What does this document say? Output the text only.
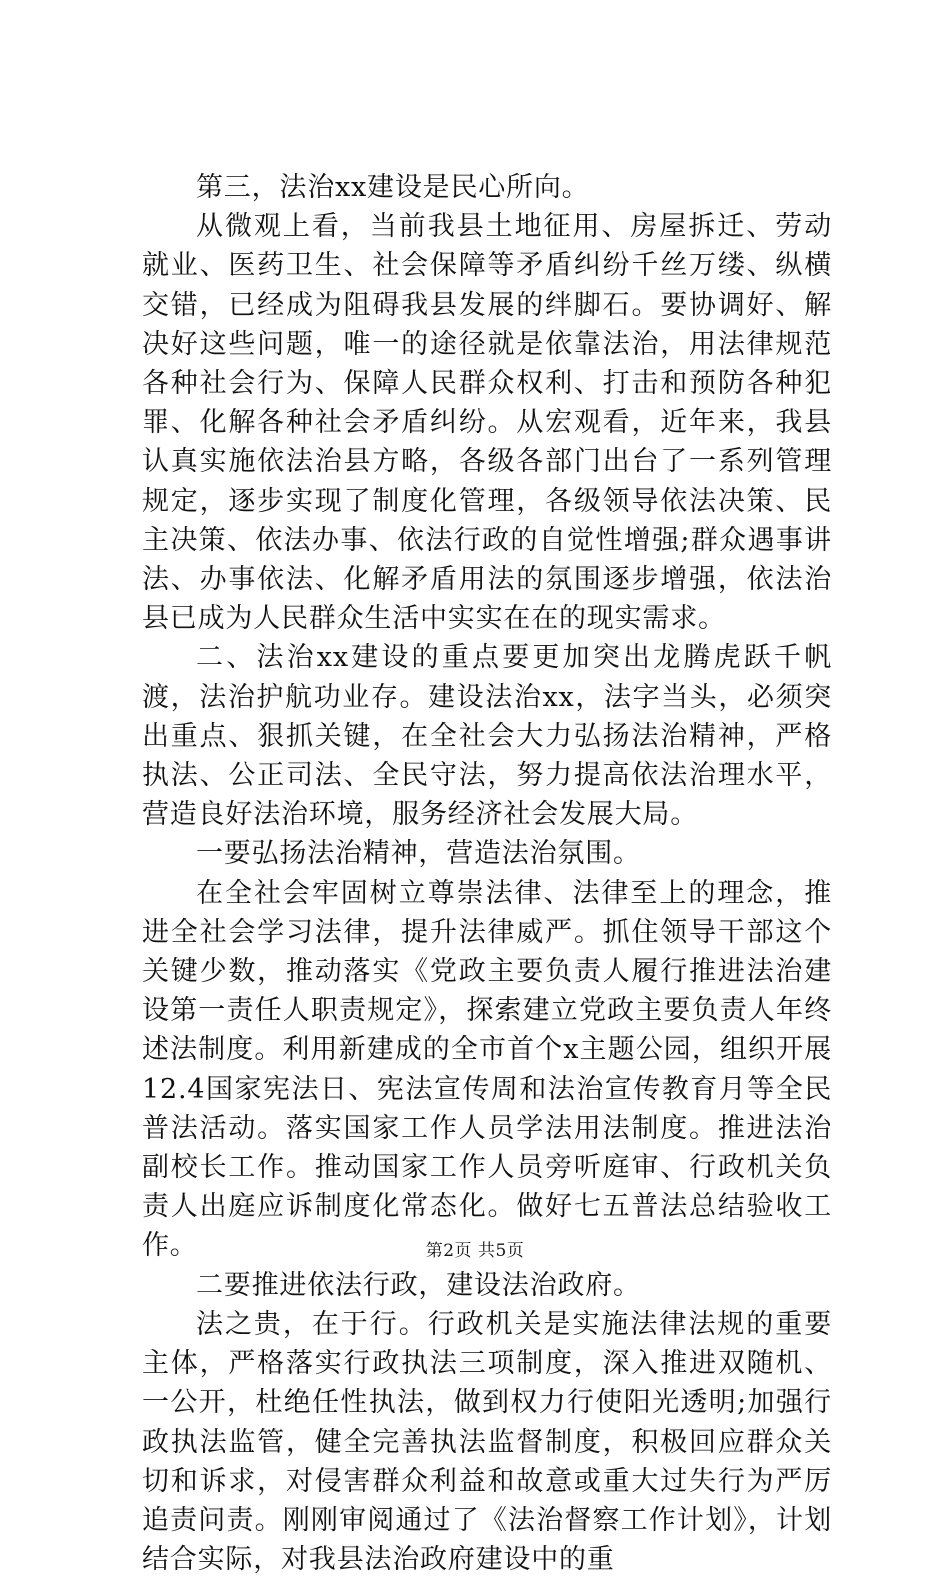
第三，法治xx建设是民心所向。

从微观上看，当前我县土地征用、房屋拆迁、劳动就业、医药卫生、社会保障等矛盾纠纷千丝万缕、纵横交错，已经成为阻碍我县发展的绊脚石。要协调好、解决好这些问题，唯一的途径就是依靠法治，用法律规范各种社会行为、保障人民群众权利、打击和预防各种犯罪、化解各种社会矛盾纠纷。从宏观看，近年来，我县认真实施依法治县方略，各级各部门出台了一系列管理规定，逐步实现了制度化管理，各级领导依法决策、民主决策、依法办事、依法行政的自觉性增强;群众遇事讲法、办事依法、化解矛盾用法的氛围逐步增强，依法治县已成为人民群众生活中实实在在的现实需求。

二、法治xx建设的重点要更加突出龙腾虎跃千帆渡，法治护航功业存。建设法治xx，法字当头，必须突出重点、狠抓关键，在全社会大力弘扬法治精神，严格执法、公正司法、全民守法，努力提高依法治理水平，营造良好法治环境，服务经济社会发展大局。

一要弘扬法治精神，营造法治氛围。

在全社会牢固树立尊崇法律、法律至上的理念，推进全社会学习法律，提升法律威严。抓住领导干部这个关键少数，推动落实《党政主要负责人履行推进法治建设第一责任人职责规定》，探索建立党政主要负责人年终述法制度。利用新建成的全市首个x主题公园，组织开展12.4国家宪法日、宪法宣传周和法治宣传教育月等全民普法活动。落实国家工作人员学法用法制度。推进法治副校长工作。推动国家工作人员旁听庭审、行政机关负责人出庭应诉制度化常态化。做好七五普法总结验收工作。

二要推进依法行政，建设法治政府。

法之贵，在于行。行政机关是实施法律法规的重要主体，严格落实行政执法三项制度，深入推进双随机、一公开，杜绝任性执法，做到权力行使阳光透明;加强行政执法监管，健全完善执法监督制度，积极回应群众关切和诉求，对侵害群众利益和故意或重大过失行为严厉追责问责。刚刚审阅通过了《法治督察工作计划》，计划结合实际，对我县法治政府建设中的重

第2页 共5页
